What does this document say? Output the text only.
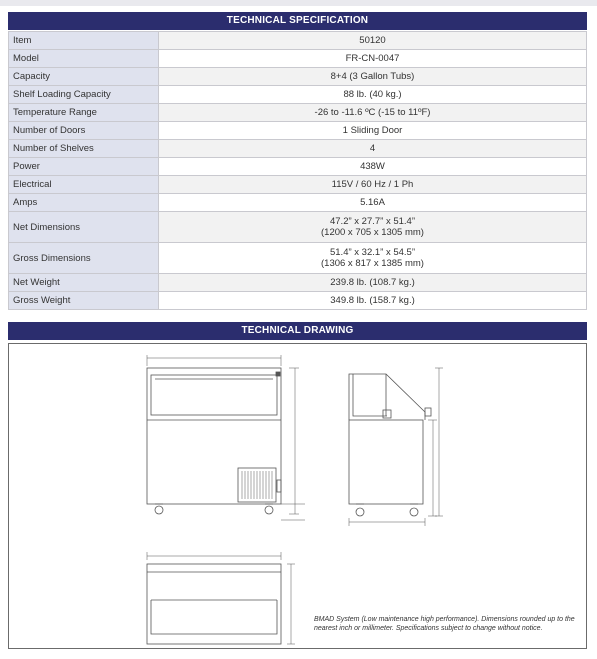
TECHNICAL SPECIFICATION
Item	50120
Model	FR-CN-0047
Capacity	8+4 (3 Gallon Tubs)
Shelf Loading Capacity	88 lb. (40 kg.)
Temperature Range	-26 to -11.6 ºC (-15 to 11ºF)
Number of Doors	1 Sliding Door
Number of Shelves	4
Power	438W
Electrical	115V / 60 Hz / 1 Ph
Amps	5.16A
Net Dimensions	47.2” x 27.7” x 51.4”
(1200 x 705 x 1305 mm)

Gross Dimensions	51.4” x 32.1” x 54.5”
(1306 x 817 x 1385 mm)

Net Weight	239.8 lb. (108.7 kg.)
Gross Weight	349.8 lb. (158.7 kg.)
TECHNICAL DRAWING
BMAD System (Low maintenance high performance). Dimensions rounded up to the nearest inch or millimeter. Specifications subject to change without notice.
